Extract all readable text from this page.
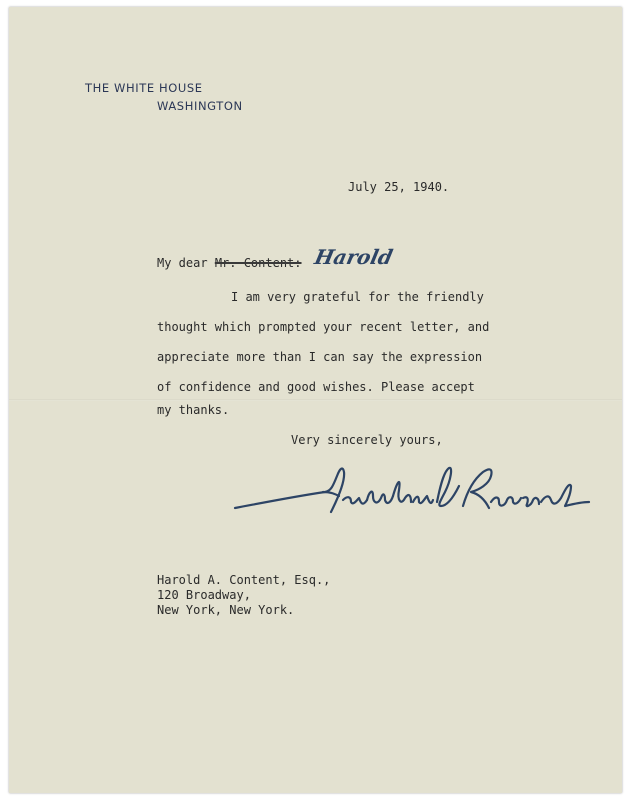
THE WHITE HOUSE
WASHINGTON
July 25, 1940.
My dear Mr. Content: Harold
I am very grateful for the friendly
thought which prompted your recent letter, and
appreciate more than I can say the expression
of confidence and good wishes. Please accept
my thanks.
Very sincerely yours,
Franklin D. Roosevelt
Harold A. Content, Esq.,
120 Broadway,
New York, New York.
